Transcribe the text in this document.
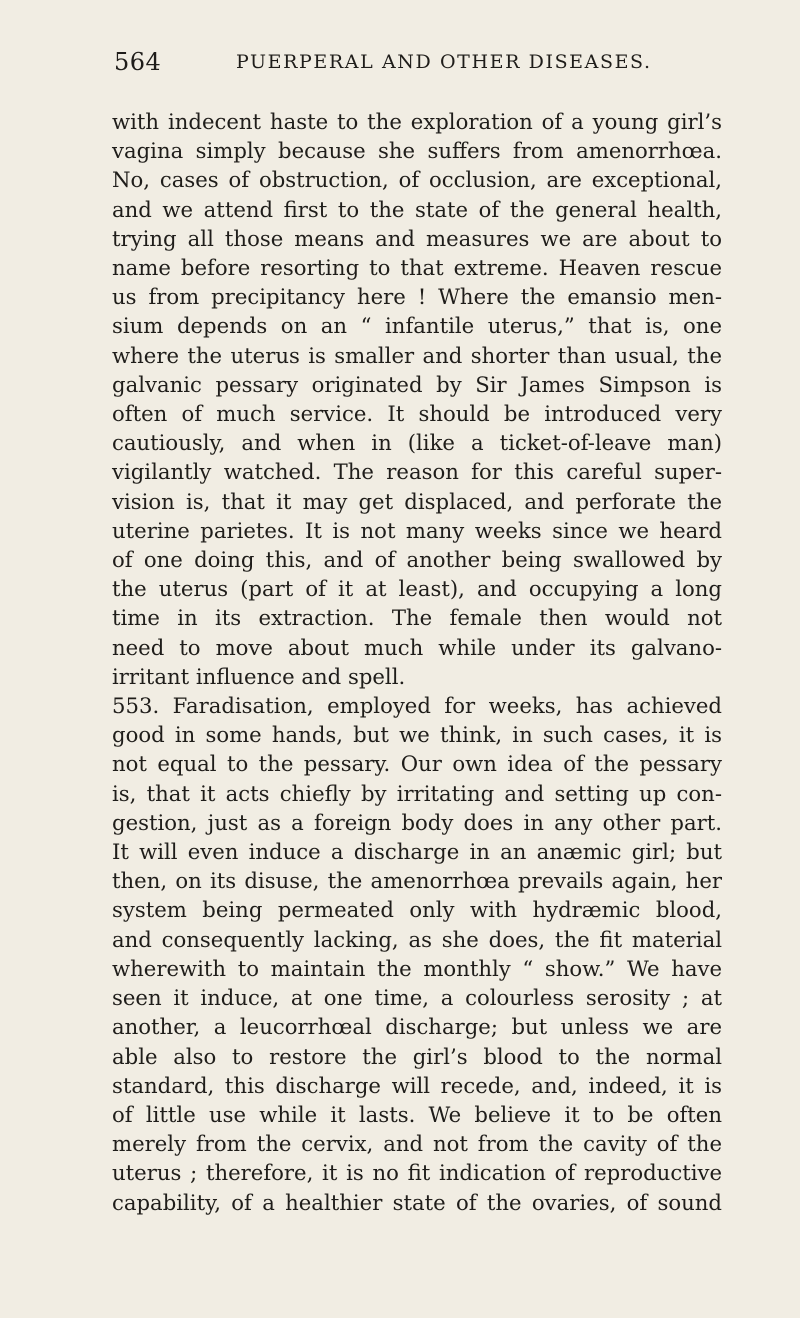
564	PUERPERAL AND OTHER DISEASES.
with indecent haste to the exploration of a young girl’s
vagina simply because she suffers from amenorrhœa.
No, cases of obstruction, of occlusion, are exceptional,
and we attend first to the state of the general health,
trying all those means and measures we are about to
name before resorting to that extreme. Heaven rescue
us from precipitancy here ! Where the emansio men-
sium depends on an “ infantile uterus,” that is, one
where the uterus is smaller and shorter than usual, the
galvanic pessary originated by Sir James Simpson is
often of much service. It should be introduced very
cautiously, and when in (like a ticket-of-leave man)
vigilantly watched. The reason for this careful super-
vision is, that it may get displaced, and perforate the
uterine parietes. It is not many weeks since we heard
of one doing this, and of another being swallowed by
the uterus (part of it at least), and occupying a long
time in its extraction. The female then would not
need to move about much while under its galvano-
irritant influence and spell.
553. Faradisation, employed for weeks, has achieved
good in some hands, but we think, in such cases, it is
not equal to the pessary. Our own idea of the pessary
is, that it acts chiefly by irritating and setting up con-
gestion, just as a foreign body does in any other part.
It will even induce a discharge in an anæmic girl; but
then, on its disuse, the amenorrhœa prevails again, her
system being permeated only with hydræmic blood,
and consequently lacking, as she does, the fit material
wherewith to maintain the monthly “ show.” We have
seen it induce, at one time, a colourless serosity ; at
another, a leucorrhœal discharge; but unless we are
able also to restore the girl’s blood to the normal
standard, this discharge will recede, and, indeed, it is
of little use while it lasts. We believe it to be often
merely from the cervix, and not from the cavity of the
uterus ; therefore, it is no fit indication of reproductive
capability, of a healthier state of the ovaries, of sound
